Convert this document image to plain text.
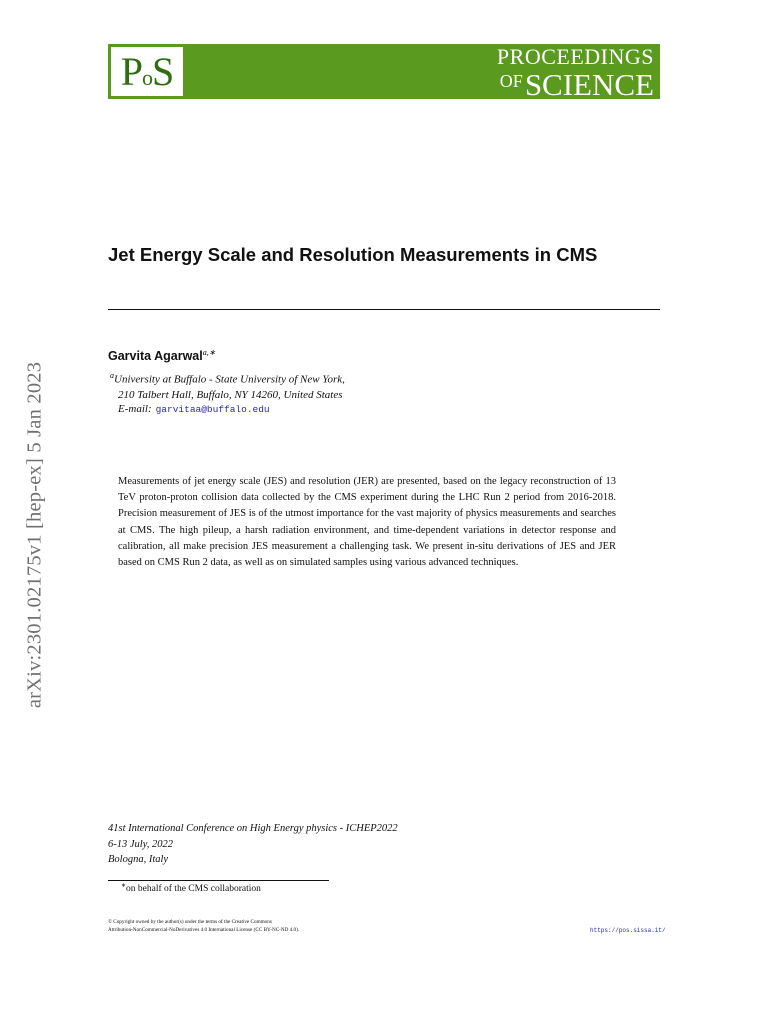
PoS	PROCEEDINGS
OFSCIENCE
arXiv:2301.02175v1 [hep-ex] 5 Jan 2023
Jet Energy Scale and Resolution Measurements in CMS
Garvita Agarwal$^{a,∗}$
$^a$University at Buffalo - State University of New York,
210 Talbert Hall, Buffalo, NY 14260, United States
E-mail: garvitaa@buffalo.edu
Measurements of jet energy scale (JES) and resolution (JER) are presented, based on the legacy reconstruction of 13 TeV proton-proton collision data collected by the CMS experiment during the LHC Run 2 period from 2016-2018. Precision measurement of JES is of the utmost importance for the vast majority of physics measurements and searches at CMS. The high pileup, a harsh radiation environment, and time-dependent variations in detector response and calibration, all make precision JES measurement a challenging task. We present in-situ derivations of JES and JER based on CMS Run 2 data, as well as on simulated samples using various advanced techniques.
41st International Conference on High Energy physics - ICHEP2022
6-13 July, 2022
Bologna, Italy
∗on behalf of the CMS collaboration
© Copyright owned by the author(s) under the terms of the Creative Commons
Attribution-NonCommercial-NoDerivatives 4.0 International License (CC BY-NC-ND 4.0).	https://pos.sissa.it/
